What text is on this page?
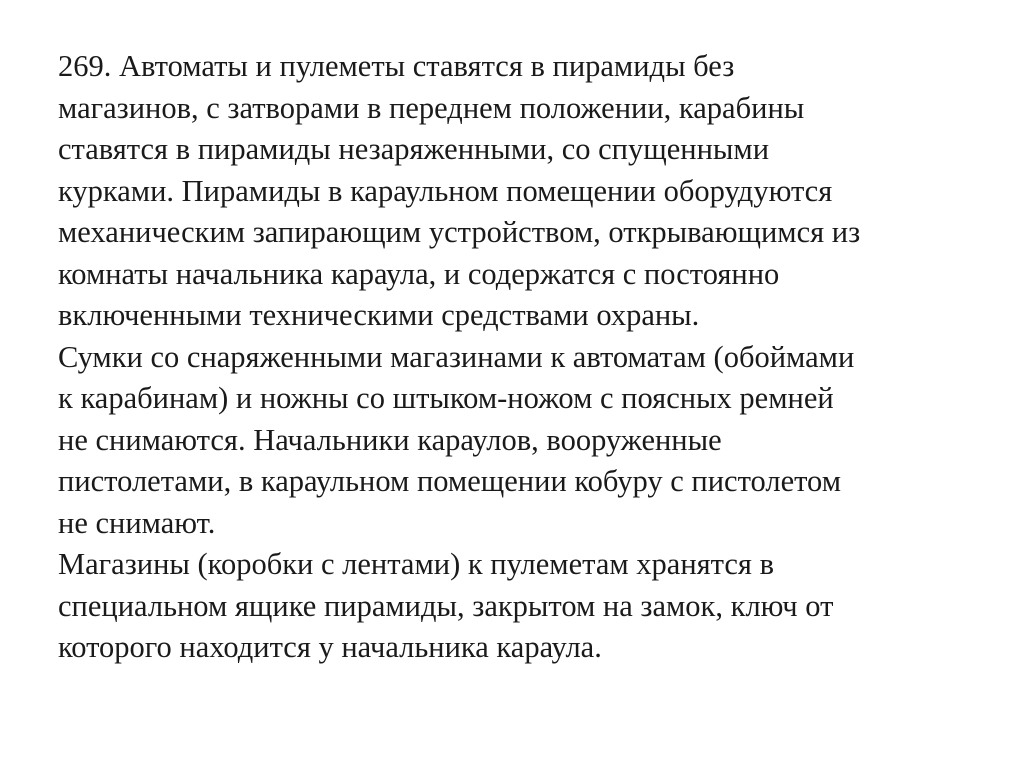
269. Автоматы и пулеметы ставятся в пирамиды без
магазинов, с затворами в переднем положении, карабины
ставятся в пирамиды незаряженными, со спущенными
курками. Пирамиды в караульном помещении оборудуются
механическим запирающим устройством, открывающимся из
комнаты начальника караула, и содержатся с постоянно
включенными техническими средствами охраны.
Сумки со снаряженными магазинами к автоматам (обоймами
к карабинам) и ножны со штыком-ножом с поясных ремней
не снимаются. Начальники караулов, вооруженные
пистолетами, в караульном помещении кобуру с пистолетом
не снимают.
Магазины (коробки с лентами) к пулеметам хранятся в
специальном ящике пирамиды, закрытом на замок, ключ от
которого находится у начальника караула.
